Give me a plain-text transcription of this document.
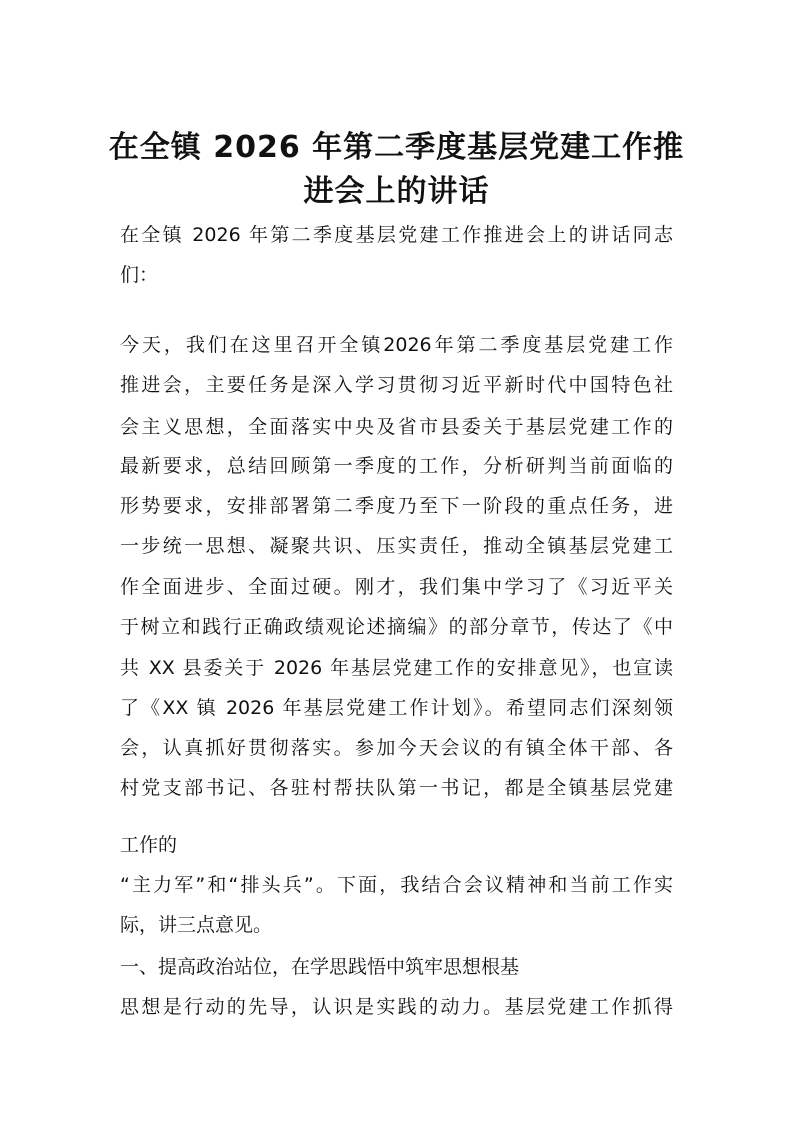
在全镇 2026 年第二季度基层党建工作推
进会上的讲话
在全镇 2026 年第二季度基层党建工作推进会上的讲话同志
们：
今天，我们在这里召开全镇2026年第二季度基层党建工作
推进会，主要任务是深入学习贯彻习近平新时代中国特色社
会主义思想，全面落实中央及省市县委关于基层党建工作的
最新要求，总结回顾第一季度的工作，分析研判当前面临的
形势要求，安排部署第二季度乃至下一阶段的重点任务，进
一步统一思想、凝聚共识、压实责任，推动全镇基层党建工
作全面进步、全面过硬。刚才，我们集中学习了《习近平关
于树立和践行正确政绩观论述摘编》的部分章节，传达了《中
共 XX 县委关于 2026 年基层党建工作的安排意见》，也宣读
了《XX 镇 2026 年基层党建工作计划》。希望同志们深刻领
会，认真抓好贯彻落实。参加今天会议的有镇全体干部、各
村党支部书记、各驻村帮扶队第一书记，都是全镇基层党建
工作的
“主力军”和“排头兵”。下面，我结合会议精神和当前工作实
际，讲三点意见。
一、提高政治站位，在学思践悟中筑牢思想根基
思想是行动的先导，认识是实践的动力。基层党建工作抓得
